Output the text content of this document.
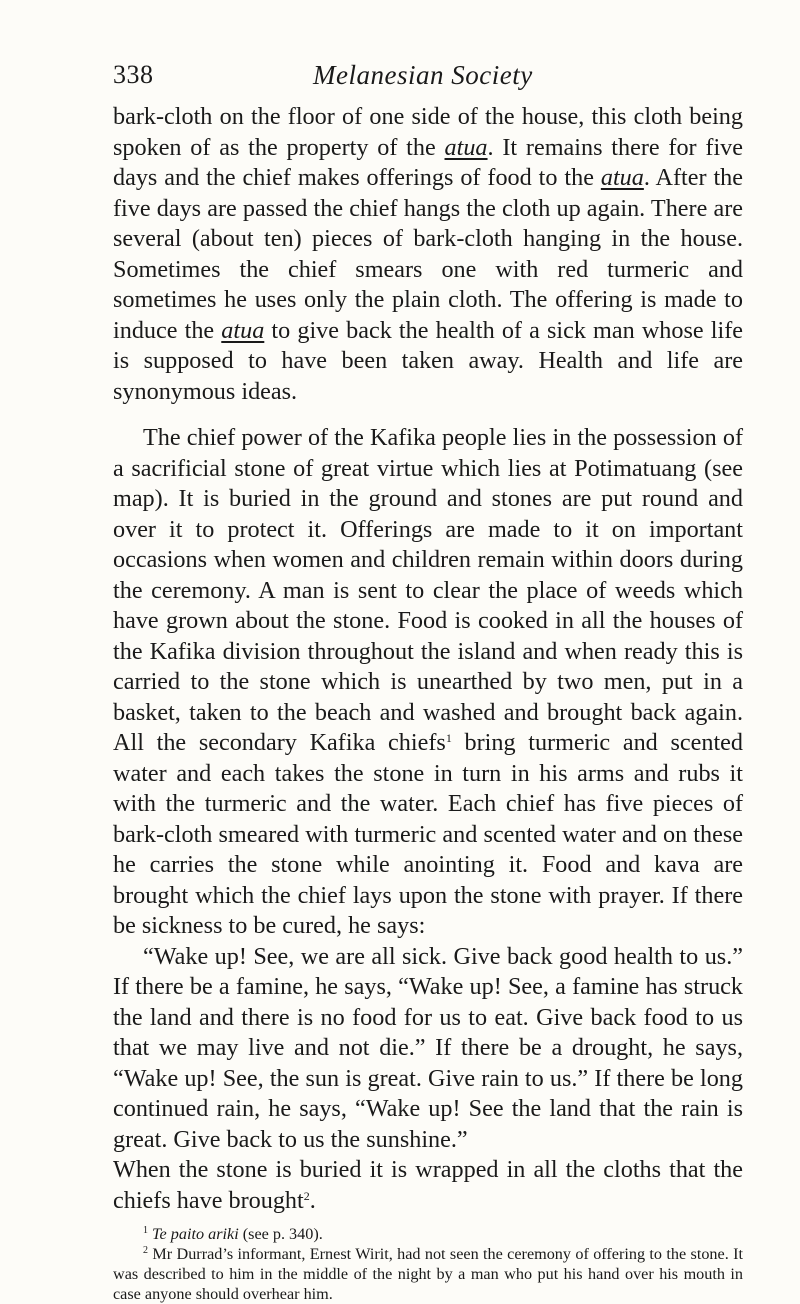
338	Melanesian Society

bark-cloth on the floor of one side of the house, this cloth being spoken of as the property of the atua. It remains there for five days and the chief makes offerings of food to the atua. After the five days are passed the chief hangs the cloth up again. There are several (about ten) pieces of bark-cloth hanging in the house. Sometimes the chief smears one with red turmeric and sometimes he uses only the plain cloth. The offering is made to induce the atua to give back the health of a sick man whose life is supposed to have been taken away. Health and life are synonymous ideas.

The chief power of the Kafika people lies in the possession of a sacrificial stone of great virtue which lies at Potimatuang (see map). It is buried in the ground and stones are put round and over it to protect it. Offerings are made to it on important occasions when women and children remain within doors during the ceremony. A man is sent to clear the place of weeds which have grown about the stone. Food is cooked in all the houses of the Kafika division throughout the island and when ready this is carried to the stone which is unearthed by two men, put in a basket, taken to the beach and washed and brought back again. All the secondary Kafika chiefs$^1$ bring turmeric and scented water and each takes the stone in turn in his arms and rubs it with the turmeric and the water. Each chief has five pieces of bark-cloth smeared with turmeric and scented water and on these he carries the stone while anointing it. Food and kava are brought which the chief lays upon the stone with prayer. If there be sickness to be cured, he says:

“Wake up! See, we are all sick. Give back good health to us.” If there be a famine, he says, “Wake up! See, a famine has struck the land and there is no food for us to eat. Give back food to us that we may live and not die.” If there be a drought, he says, “Wake up! See, the sun is great. Give rain to us.” If there be long continued rain, he says, “Wake up! See the land that the rain is great. Give back to us the sunshine.”

When the stone is buried it is wrapped in all the cloths that the chiefs have brought$^2$.

$^1$ Te paito ariki (see p. 340).

$^2$ Mr Durrad’s informant, Ernest Wirit, had not seen the ceremony of offering to the stone. It was described to him in the middle of the night by a man who put his hand over his mouth in case anyone should overhear him.
